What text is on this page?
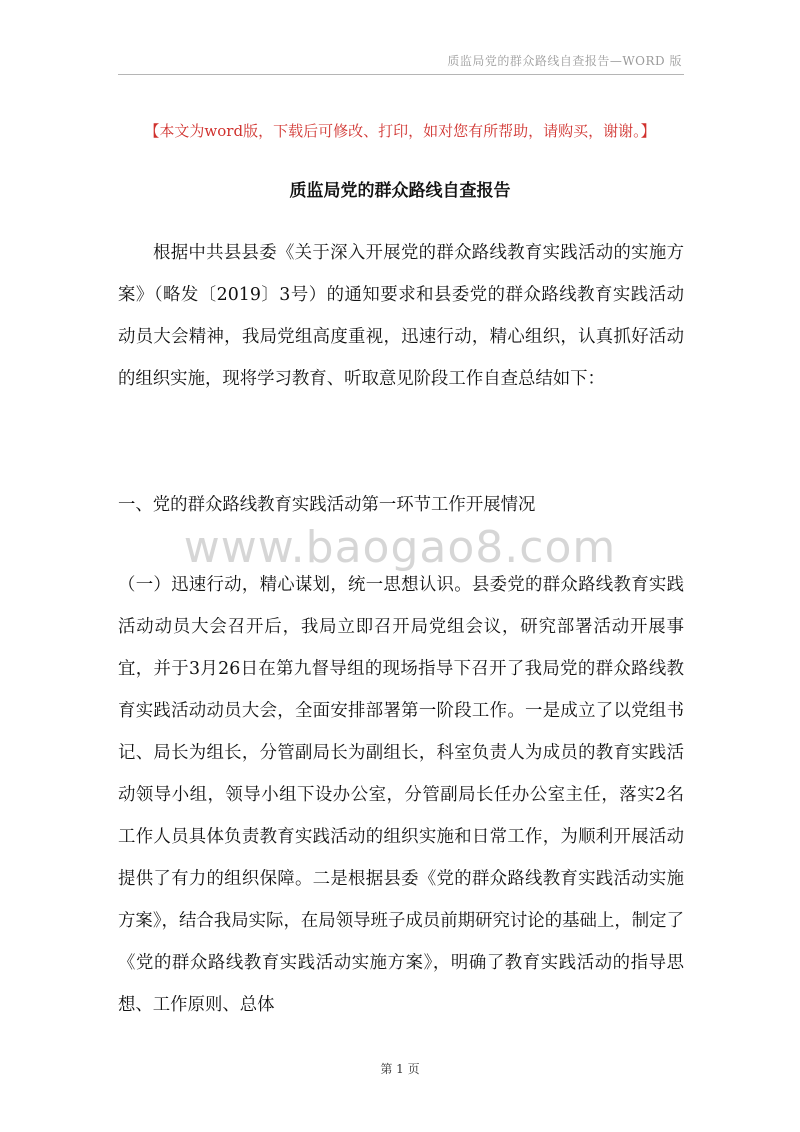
质监局党的群众路线自查报告—WORD 版
【本文为word版，下载后可修改、打印，如对您有所帮助，请购买，谢谢。】
质监局党的群众路线自查报告

根据中共县县委《关于深入开展党的群众路线教育实践活动的实施方案》（略发〔2019〕3号）的通知要求和县委党的群众路线教育实践活动动员大会精神，我局党组高度重视，迅速行动，精心组织，认真抓好活动的组织实施，现将学习教育、听取意见阶段工作自查总结如下：

一、党的群众路线教育实践活动第一环节工作开展情况
www.baogao8.com

（一）迅速行动，精心谋划，统一思想认识。县委党的群众路线教育实践活动动员大会召开后，我局立即召开局党组会议，研究部署活动开展事宜，并于3月26日在第九督导组的现场指导下召开了我局党的群众路线教育实践活动动员大会，全面安排部署第一阶段工作。一是成立了以党组书记、局长为组长，分管副局长为副组长，科室负责人为成员的教育实践活动领导小组，领导小组下设办公室，分管副局长任办公室主任，落实2名工作人员具体负责教育实践活动的组织实施和日常工作，为顺利开展活动提供了有力的组织保障。二是根据县委《党的群众路线教育实践活动实施方案》，结合我局实际，在局领导班子成员前期研究讨论的基础上，制定了《党的群众路线教育实践活动实施方案》，明确了教育实践活动的指导思想、工作原则、总体

第 1 页
